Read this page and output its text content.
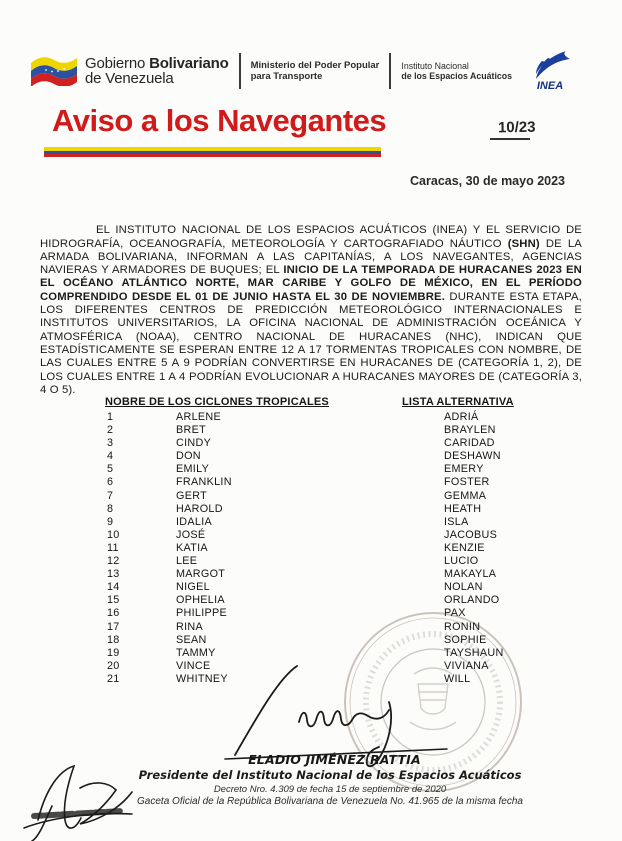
Gobierno Bolivariano
de Venezuela
Ministerio del Poder Popular
para Transporte
Instituto Nacional
de los Espacios Acuáticos
INEA
Aviso a los Navegantes	10/23
Caracas, 30 de mayo 2023

EL INSTITUTO NACIONAL DE LOS ESPACIOS ACUÁTICOS (INEA) Y EL SERVICIO DE HIDROGRAFÍA, OCEANOGRAFÍA, METEOROLOGÍA Y CARTOGRAFIADO NÁUTICO (SHN) DE LA ARMADA BOLIVARIANA, INFORMAN A LAS CAPITANÍAS, A LOS NAVEGANTES, AGENCIAS NAVIERAS Y ARMADORES DE BUQUES; EL INICIO DE LA TEMPORADA DE HURACANES 2023 EN EL OCÉANO ATLÁNTICO NORTE, MAR CARIBE Y GOLFO DE MÉXICO, EN EL PERÍODO COMPRENDIDO DESDE EL 01 DE JUNIO HASTA EL 30 DE NOVIEMBRE. DURANTE ESTA ETAPA, LOS DIFERENTES CENTROS DE PREDICCIÓN METEOROLÓGICO INTERNACIONALES E INSTITUTOS UNIVERSITARIOS, LA OFICINA NACIONAL DE ADMINISTRACIÓN OCEÁNICA Y ATMOSFÉRICA (NOAA), CENTRO NACIONAL DE HURACANES (NHC), INDICAN QUE ESTADÍSTICAMENTE SE ESPERAN ENTRE 12 A 17 TORMENTAS TROPICALES CON NOMBRE, DE LAS CUALES ENTRE 5 A 9 PODRÍAN CONVERTIRSE EN HURACANES DE (CATEGORÍA 1, 2), DE LOS CUALES ENTRE 1 A 4 PODRÍAN EVOLUCIONAR A HURACANES MAYORES DE (CATEGORÍA 3, 4 O 5).

NOBRE DE LOS CICLONES TROPICALES	LISTA ALTERNATIVA
1	ARLENE	ADRIÁ
2	BRET	BRAYLEN
3	CINDY	CARIDAD
4	DON	DESHAWN
5	EMILY	EMERY
6	FRANKLIN	FOSTER
7	GERT	GEMMA
8	HAROLD	HEATH
9	IDALIA	ISLA
10	JOSÉ	JACOBUS
11	KATIA	KENZIE
12	LEE	LUCIO
13	MARGOT	MAKAYLA
14	NIGEL	NOLAN
15	OPHELIA	ORLANDO
16	PHILIPPE	PAX
17	RINA	RONIN
18	SEAN	SOPHIE
19	TAMMY	TAYSHAUN
20	VINCE	VIVIANA
21	WHITNEY	WILL
ELADIO JIMÉNEZ RATTIA
Presidente del Instituto Nacional de los Espacios Acuáticos
Decreto Nro. 4.309 de fecha 15 de septiembre de 2020
Gaceta Oficial de la República Bolivariana de Venezuela No. 41.965 de la misma fecha
